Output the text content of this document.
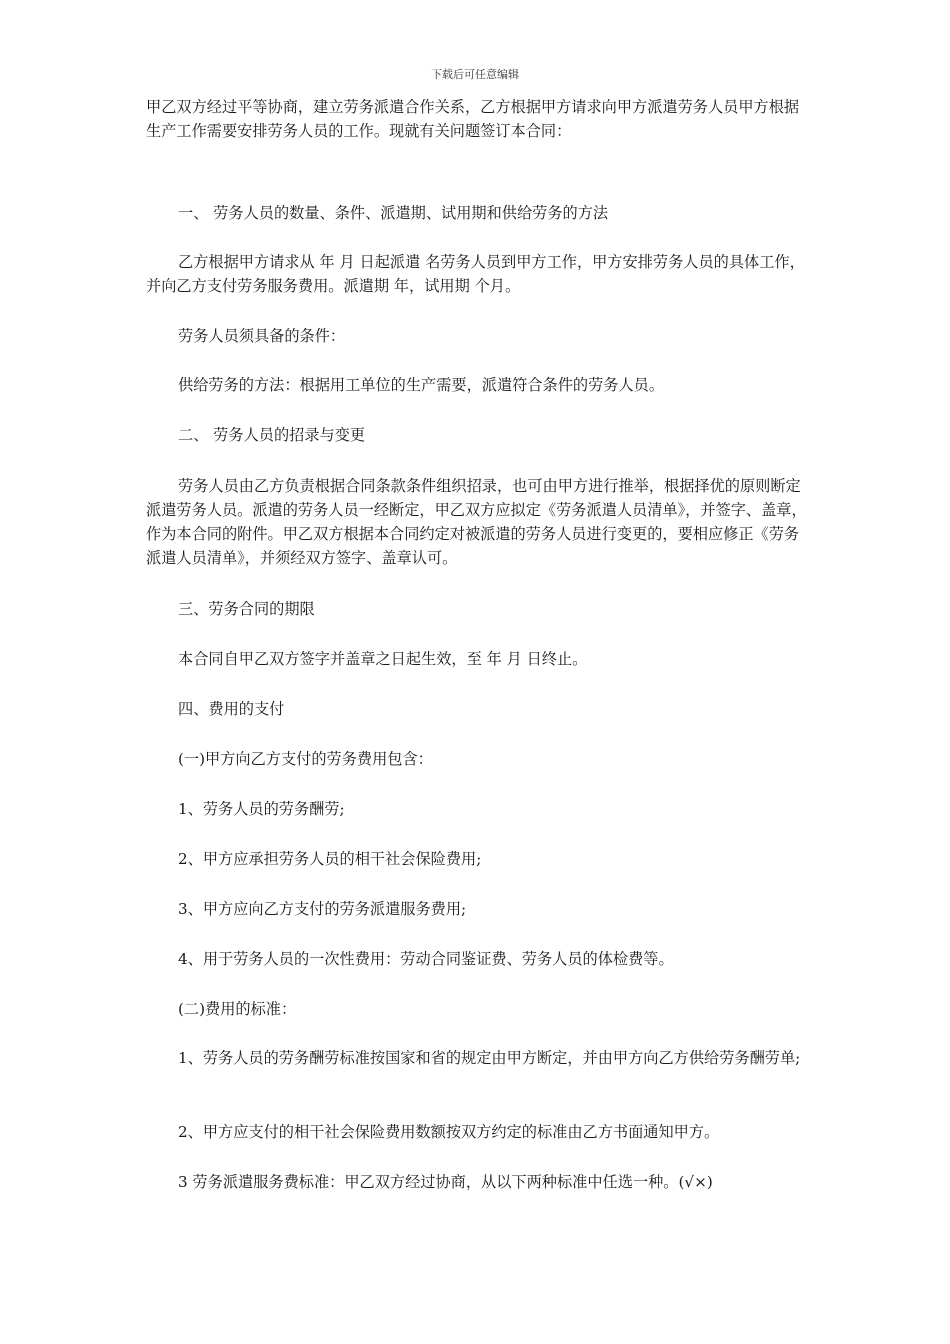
下载后可任意编辑

甲乙双方经过平等协商，建立劳务派遣合作关系，乙方根据甲方请求向甲方派遣劳务人员甲方根据生产工作需要安排劳务人员的工作。现就有关问题签订本合同：

一、 劳务人员的数量、条件、派遣期、试用期和供给劳务的方法

乙方根据甲方请求从 年 月 日起派遣 名劳务人员到甲方工作，甲方安排劳务人员的具体工作，并向乙方支付劳务服务费用。派遣期 年，试用期 个月。

劳务人员须具备的条件：

供给劳务的方法：根据用工单位的生产需要，派遣符合条件的劳务人员。

二、 劳务人员的招录与变更

劳务人员由乙方负责根据合同条款条件组织招录，也可由甲方进行推举，根据择优的原则断定派遣劳务人员。派遣的劳务人员一经断定，甲乙双方应拟定《劳务派遣人员清单》，并签字、盖章，作为本合同的附件。甲乙双方根据本合同约定对被派遣的劳务人员进行变更的，要相应修正《劳务派遣人员清单》，并须经双方签字、盖章认可。

三、劳务合同的期限

本合同自甲乙双方签字并盖章之日起生效，至 年 月 日终止。

四、费用的支付

(一)甲方向乙方支付的劳务费用包含：

1、劳务人员的劳务酬劳;

2、甲方应承担劳务人员的相干社会保险费用;

3、甲方应向乙方支付的劳务派遣服务费用;

4、用于劳务人员的一次性费用：劳动合同鉴证费、劳务人员的体检费等。

(二)费用的标准：

1、劳务人员的劳务酬劳标准按国家和省的规定由甲方断定，并由甲方向乙方供给劳务酬劳单;

2、甲方应支付的相干社会保险费用数额按双方约定的标准由乙方书面通知甲方。

3 劳务派遣服务费标准：甲乙双方经过协商，从以下两种标准中任选一种。(√×)
